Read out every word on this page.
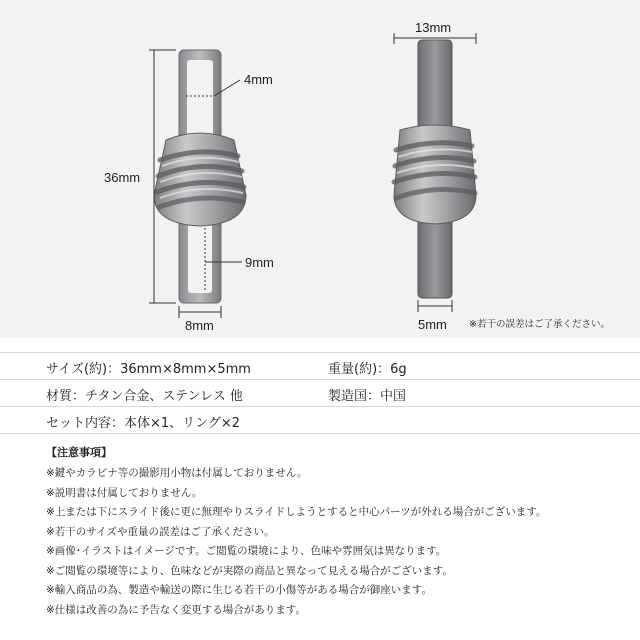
36mm
4mm
9mm
8mm
13mm
5mm ※若干の誤差はご了承ください。
サイズ(約)：36mm×8mm×5mm	重量(約)：6g
材質：チタン合金、ステンレス 他	製造国：中国
セット内容：本体×1、リング×2
【注意事項】
※鍵やカラビナ等の撮影用小物は付属しておりません。
※説明書は付属しておりません。
※上または下にスライド後に更に無理やりスライドしようとすると中心パーツが外れる場合がございます。
※若干のサイズや重量の誤差はご了承ください。
※画像･イラストはイメージです。ご閲覧の環境により、色味や雰囲気は異なります。
※ご閲覧の環境等により、色味などが実際の商品と異なって見える場合がございます。
※輸入商品の為、製造や輸送の際に生じる若干の小傷等がある場合が御座います。
※仕様は改善の為に予告なく変更する場合があります。
